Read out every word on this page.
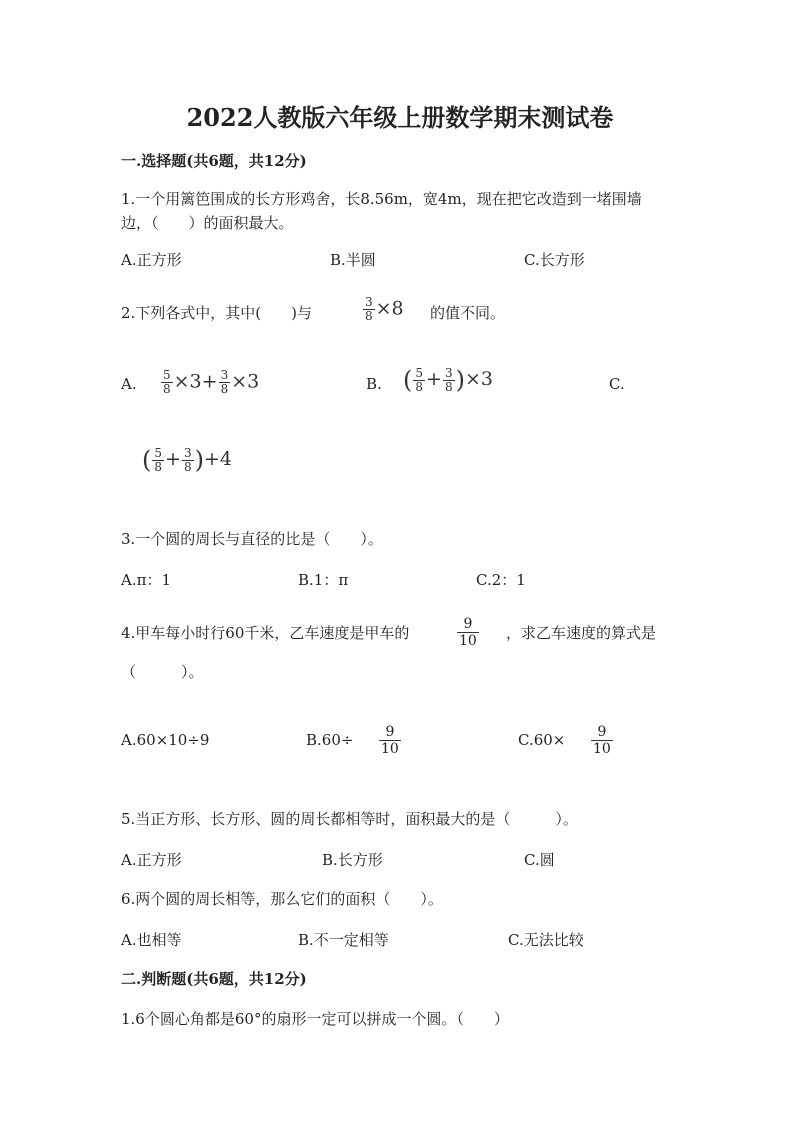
2022人教版六年级上册数学期末测试卷
一.选择题(共6题，共12分)
1.一个用篱笆围成的长方形鸡舍，长8.56m，宽4m，现在把它改造到一堵围墙
边，（　　）的面积最大。
A.正方形	B.半圆	C.长方形
2.下列各式中，其中(　　)与	$\frac{3}{8} \times 8$ 的值不同。
A. $\frac{5}{8} \times 3+ \frac{3}{8} \times 3$	B. ( $\frac{5}{8} + \frac{3}{8} )\times 3$	C.
( $\frac{5}{8} + \frac{3}{8} )+4$
3.一个圆的周长与直径的比是（　　）。
A.π：1	B.1：π	C.2：1
4.甲车每小时行60千米，乙车速度是甲车的	$\frac{9}{10}$ ，求乙车速度的算式是
（　　　）。
A.60×10÷9	$B.60\div \frac{9}{10}$	$C.60\times \frac{9}{10}$
5.当正方形、长方形、圆的周长都相等时，面积最大的是（　　　）。
A.正方形	B.长方形	C.圆
6.两个圆的周长相等，那么它们的面积（　　）。
A.也相等	B.不一定相等	C.无法比较
二.判断题(共6题，共12分)
1.6个圆心角都是60°的扇形一定可以拼成一个圆。（　　）
